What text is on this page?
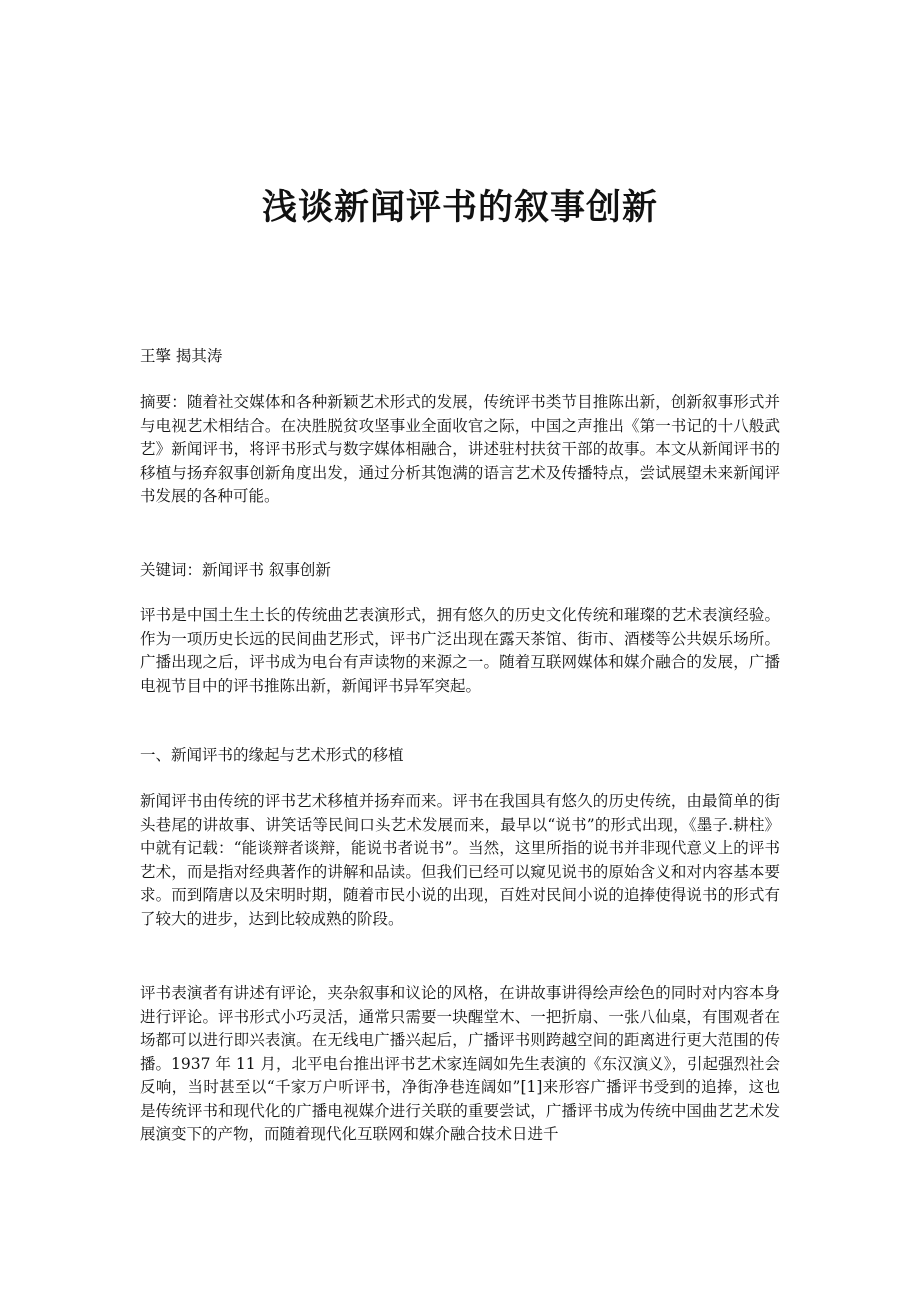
浅谈新闻评书的叙事创新

王擎 揭其涛

摘要：随着社交媒体和各种新颖艺术形式的发展，传统评书类节目推陈出新，创新叙事形式并与电视艺术相结合。在决胜脱贫攻坚事业全面收官之际，中国之声推出《第一书记的十八般武艺》新闻评书，将评书形式与数字媒体相融合，讲述驻村扶贫干部的故事。本文从新闻评书的移植与扬弃叙事创新角度出发，通过分析其饱满的语言艺术及传播特点，尝试展望未来新闻评书发展的各种可能。

关键词：新闻评书 叙事创新

评书是中国土生土长的传统曲艺表演形式，拥有悠久的历史文化传统和璀璨的艺术表演经验。作为一项历史长远的民间曲艺形式，评书广泛出现在露天茶馆、街市、酒楼等公共娱乐场所。广播出现之后，评书成为电台有声读物的来源之一。随着互联网媒体和媒介融合的发展，广播电视节目中的评书推陈出新，新闻评书异军突起。

一、新闻评书的缘起与艺术形式的移植

新闻评书由传统的评书艺术移植并扬弃而来。评书在我国具有悠久的历史传统，由最简单的街头巷尾的讲故事、讲笑话等民间口头艺术发展而来，最早以“说书”的形式出现，《墨子.耕柱》中就有记载：“能谈辩者谈辩，能说书者说书”。当然，这里所指的说书并非现代意义上的评书艺术，而是指对经典著作的讲解和品读。但我们已经可以窥见说书的原始含义和对内容基本要求。而到隋唐以及宋明时期，随着市民小说的出现，百姓对民间小说的追捧使得说书的形式有了较大的进步，达到比较成熟的阶段。

评书表演者有讲述有评论，夹杂叙事和议论的风格，在讲故事讲得绘声绘色的同时对内容本身进行评论。评书形式小巧灵活，通常只需要一块醒堂木、一把折扇、一张八仙桌，有围观者在场都可以进行即兴表演。在无线电广播兴起后，广播评书则跨越空间的距离进行更大范围的传播。1937 年 11 月，北平电台推出评书艺术家连阔如先生表演的《东汉演义》，引起强烈社会反响，当时甚至以“千家万户听评书，净街净巷连阔如”[1]来形容广播评书受到的追捧，这也是传统评书和现代化的广播电视媒介进行关联的重要尝试，广播评书成为传统中国曲艺艺术发展演变下的产物，而随着现代化互联网和媒介融合技术日进千
